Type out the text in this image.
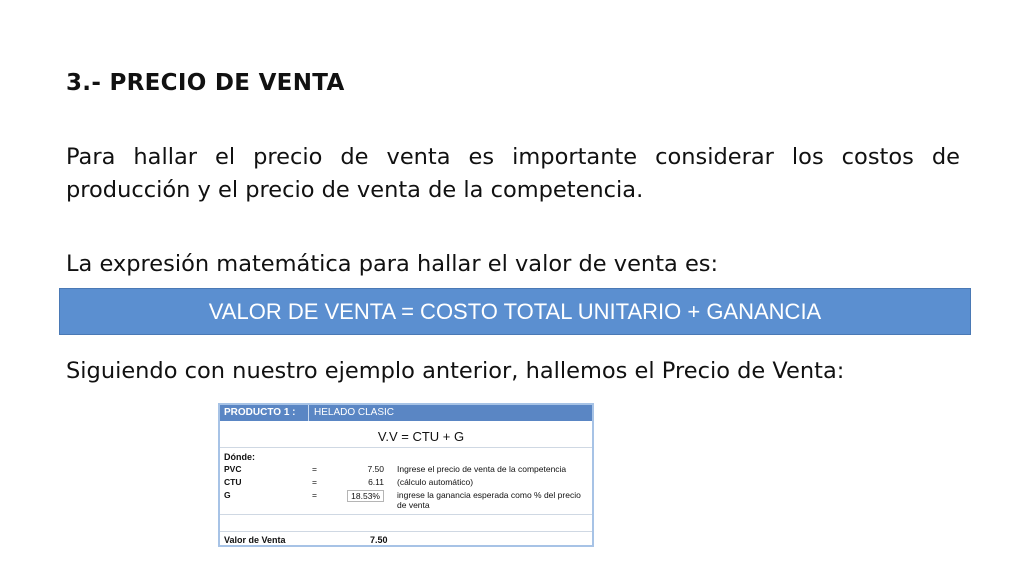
3.- PRECIO DE VENTA
Para hallar el precio de venta es importante considerar los costos de producción y el precio de venta de la competencia.
La expresión matemática para hallar el valor de venta es:
VALOR DE VENTA = COSTO TOTAL UNITARIO + GANANCIA
Siguiendo con nuestro ejemplo anterior, hallemos el Precio de Venta:
PRODUCTO 1 : HELADO CLASIC
V.V = CTU + G
Dónde:
PVC	=	7.50 Ingrese el precio de venta de la competencia
CTU	=	6.11 (cálculo automático)
G	=	18.53%	ingrese la ganancia esperada como % del precio de venta
Valor de Venta	7.50
